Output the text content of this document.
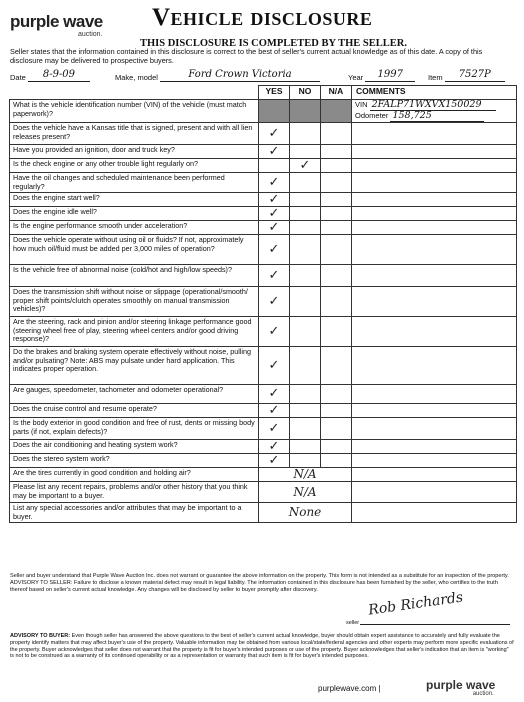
purple wave
auction.
Vehicle disclosure
THIS DISCLOSURE IS COMPLETED BY THE SELLER.
Seller states that the information contained in this disclosure is correct to the best of seller's current actual knowledge as of this date. A copy of this disclosure may be delivered to prospective buyers.
Date 8-9-09	Make, model	Ford Crown Victoria	Year 1997	Item 7527P
	YES	NO	N/A	COMMENTS
What is the vehicle identification number (VIN) of the vehicle (must match paperwork)?				VIN 2FALP71WXVX150029
Odometer 158,725

Does the vehicle have a Kansas title that is signed, present and with all lien releases present?	✓			
Have you provided an ignition, door and truck key?	✓			
Is the check engine or any other trouble light regularly on?		✓		
Have the oil changes and scheduled maintenance been performed regularly?	✓			
Does the engine start well?	✓			
Does the engine idle well?	✓			
Is the engine performance smooth under acceleration?	✓			
Does the vehicle operate without using oil or fluids? If not, approximately how much oil/fluid must be added per 3,000 miles of operation?	✓			
Is the vehicle free of abnormal noise (cold/hot and high/low speeds)?	✓			
Does the transmission shift without noise or slippage (operational/smooth/ proper shift points/clutch operates smoothly on manual transmission vehicles)?	✓			
Are the steering, rack and pinion and/or steering linkage performance good (steering wheel free of play, steering wheel centers and/or good driving response)?	✓			
Do the brakes and braking system operate effectively without noise, pulling and/or pulsating? Note: ABS may pulsate under hard application. This indicates proper operation.	✓			
Are gauges, speedometer, tachometer and odometer operational?	✓			
Does the cruise control and resume operate?	✓			
Is the body exterior in good condition and free of rust, dents or missing body parts (if not, explain defects)?	✓			
Does the air conditioning and heating system work?	✓			
Does the stereo system work?	✓			
Are the tires currently in good condition and holding air?	N/A			
Please list any recent repairs, problems and/or other history that you think may be important to a buyer.	N/A			
List any special accessories and/or attributes that may be important to a buyer.	None			
Seller and buyer understand that Purple Wave Auction Inc. does not warrant or guarantee the above information on the property. This form is not intended as a substitute for an inspection of the property. ADVISORY TO SELLER: Failure to disclose a known material defect may result in legal liability. The information contained in this disclosure has been furnished by the seller, who certifies to the truth thereof based on seller's current actual knowledge. Any changes will be disclosed by seller to buyer promptly after discovery.	Rob Richards
seller
ADVISORY TO BUYER: Even though seller has answered the above questions to the best of seller's current actual knowledge, buyer should obtain expert assistance to accurately and fully evaluate the property identify matters that may affect buyer's use of the property. Valuable information may be obtained from various local/state/federal agencies and other experts may perform more specific evaluations of the property. Buyer acknowledges that seller does not warrant that the property is fit for buyer's intended purposes or use of the property. Buyer acknowledges that seller's indication that an item is "working" is not to be construed as a warranty of its continued operability or as a representation or warranty that such item is fit for buyer's intended purposes.
purplewave.com |	purple wave $_{auction.}$
